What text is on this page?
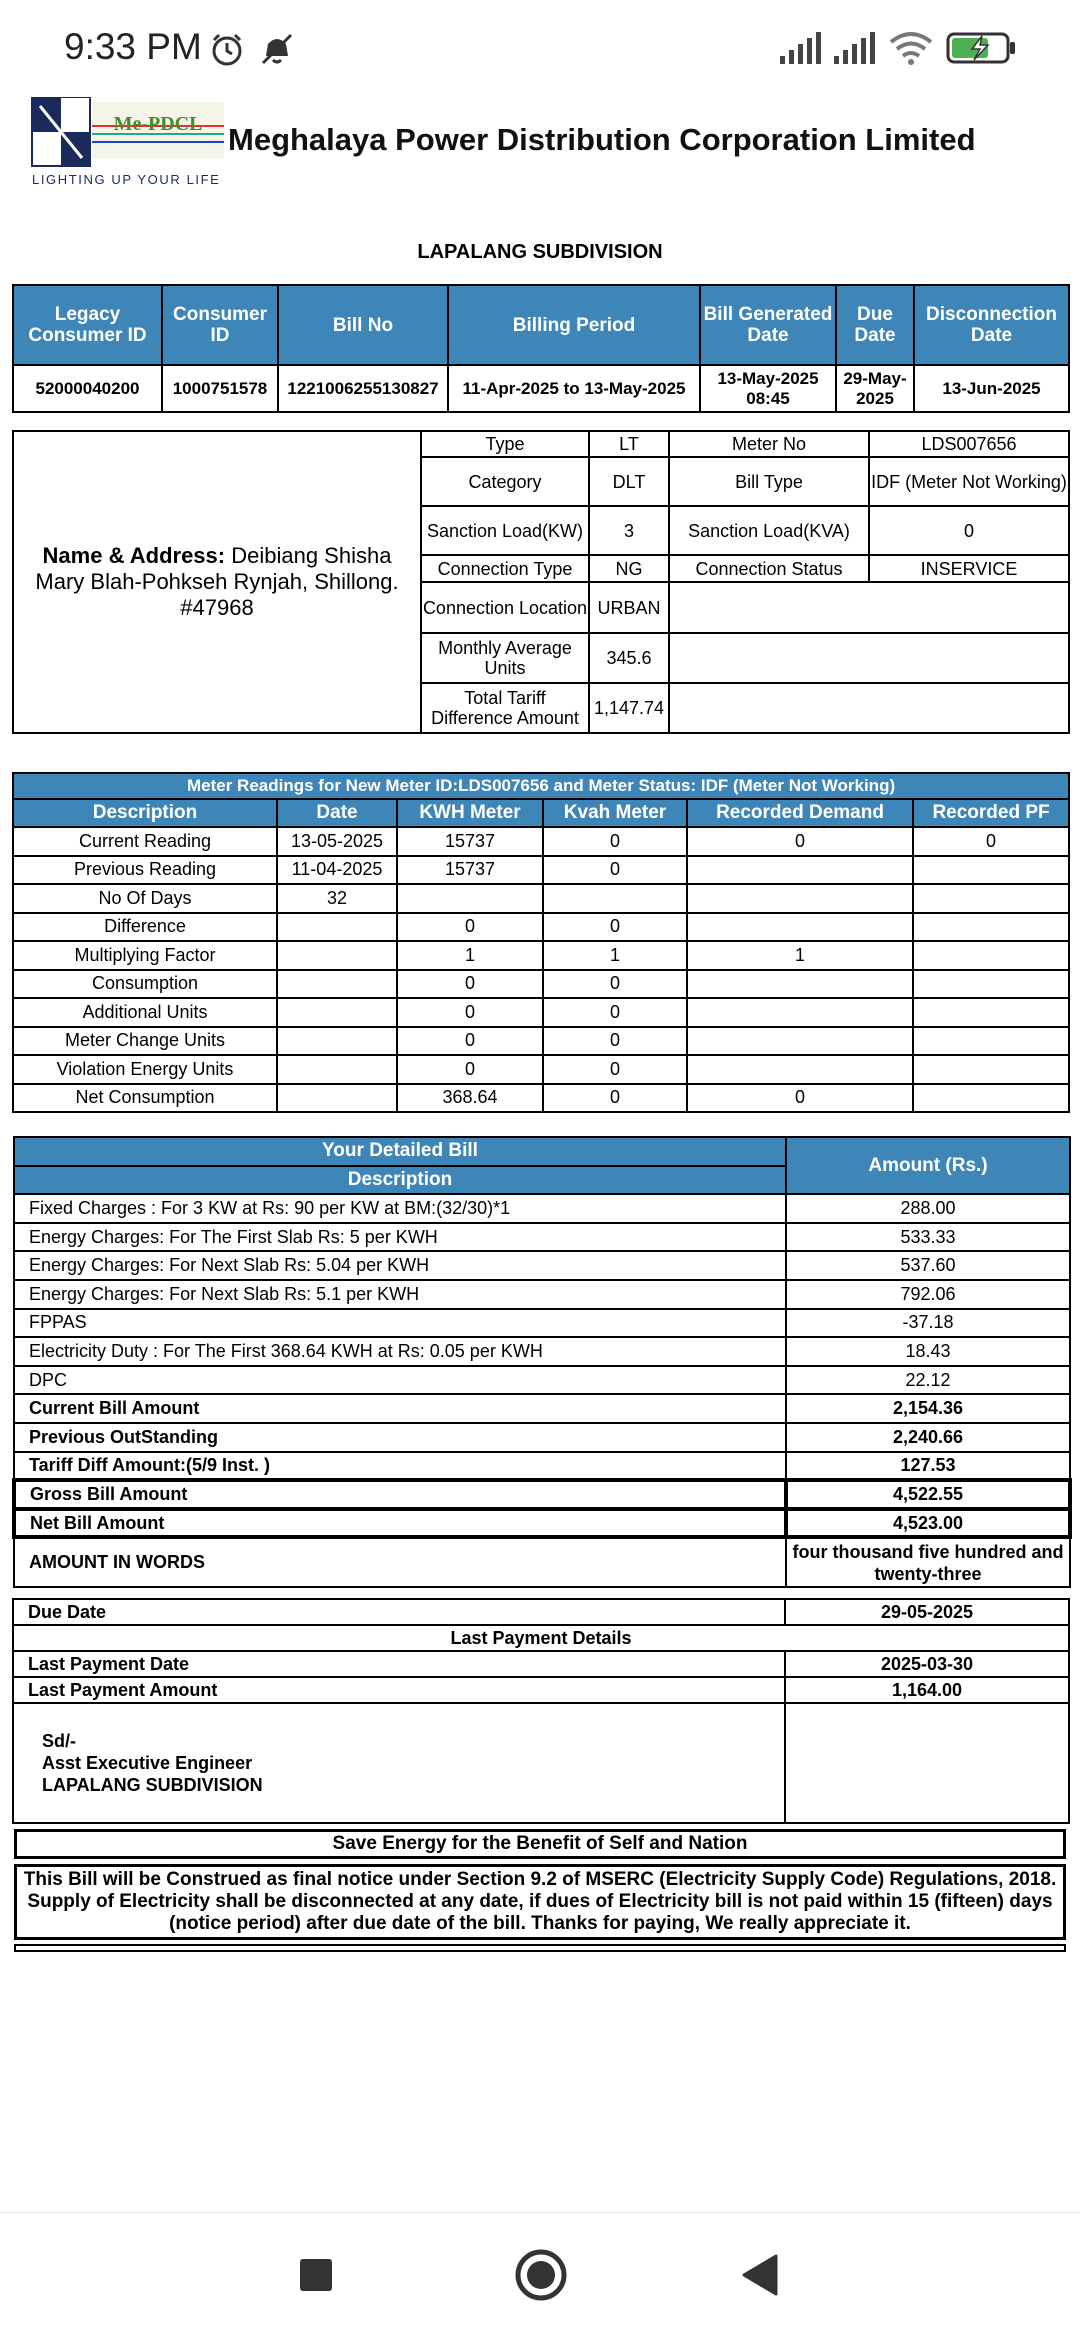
9:33 PM
Me-PDCL
LIGHTING UP YOUR LIFE
Meghalaya Power Distribution Corporation Limited
LAPALANG SUBDIVISION
Legacy Consumer ID	Consumer ID	Bill No	Billing Period	Bill Generated Date	Due Date	Disconnection Date
52000040200	1000751578	1221006255130827	11-Apr-2025 to 13-May-2025	13-May-2025 08:45	29-May-2025	13-Jun-2025
Name & Address: Deibiang Shisha Mary Blah-Pohkseh Rynjah, Shillong. #47968	Type	LT	Meter No	LDS007656
	Category	DLT	Bill Type	IDF (Meter Not Working)
	Sanction Load(KW)	3	Sanction Load(KVA)	0
	Connection Type	NG	Connection Status	INSERVICE
	Connection Location	URBAN		
	Monthly Average Units	345.6		
	Total Tariff Difference Amount	1,147.74		
Meter Readings for New Meter ID:LDS007656 and Meter Status: IDF (Meter Not Working)					
Description	Date	KWH Meter	Kvah Meter	Recorded Demand	Recorded PF
Current Reading	13-05-2025	15737	0	0	0
Previous Reading	11-04-2025	15737	0		
No Of Days	32				
Difference		0	0		
Multiplying Factor		1	1	1	
Consumption		0	0		
Additional Units		0	0		
Meter Change Units		0	0		
Violation Energy Units		0	0		
Net Consumption		368.64	0	0	
Your Detailed Bill	Amount (Rs.)
Description	
Fixed Charges : For 3 KW at Rs: 90 per KW at BM:(32/30)*1	288.00
Energy Charges: For The First Slab Rs: 5 per KWH	533.33
Energy Charges: For Next Slab Rs: 5.04 per KWH	537.60
Energy Charges: For Next Slab Rs: 5.1 per KWH	792.06
FPPAS	-37.18
Electricity Duty : For The First 368.64 KWH at Rs: 0.05 per KWH	18.43
DPC	22.12
Current Bill Amount	2,154.36
Previous OutStanding	2,240.66
Tariff Diff Amount:(5/9 Inst. )	127.53
Gross Bill Amount	4,522.55
Net Bill Amount	4,523.00
AMOUNT IN WORDS	four thousand five hundred and twenty-three
Due Date	29-05-2025
Last Payment Details	
Last Payment Date	2025-03-30
Last Payment Amount	1,164.00

Sd/-
Asst Executive Engineer
LAPALANG SUBDIVISION	

Save Energy for the Benefit of Self and Nation
This Bill will be Construed as final notice under Section 9.2 of MSERC (Electricity Supply Code) Regulations, 2018. Supply of Electricity shall be disconnected at any date, if dues of Electricity bill is not paid within 15 (fifteen) days (notice period) after due date of the bill. Thanks for paying, We really appreciate it.
